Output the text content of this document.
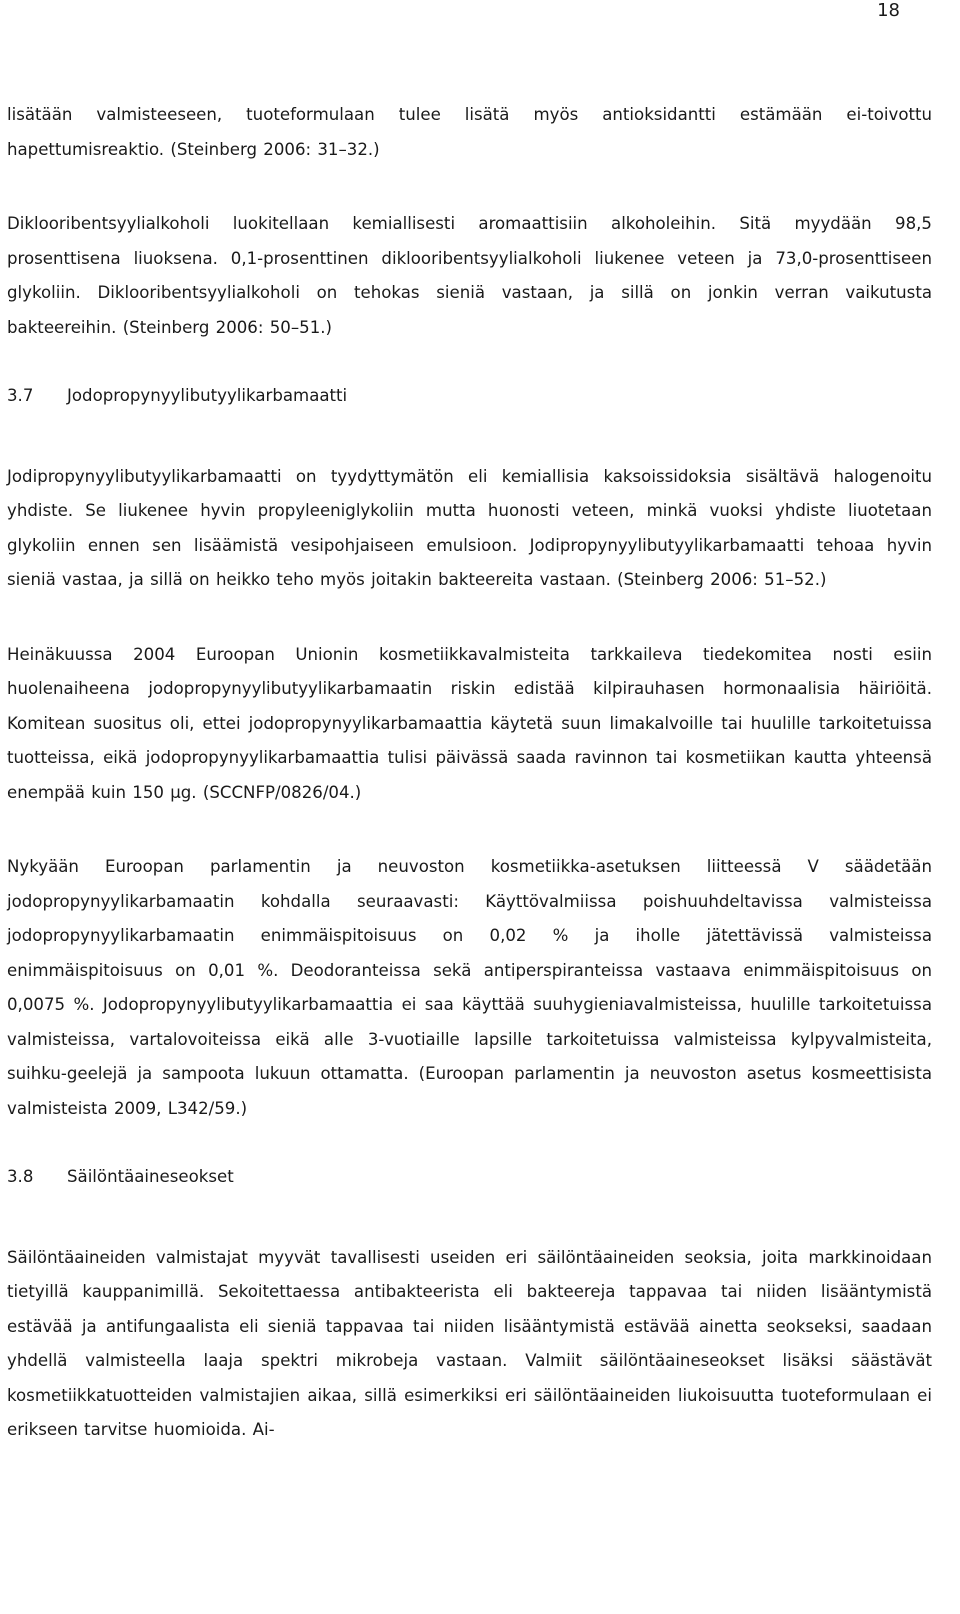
18

lisätään valmisteeseen, tuoteformulaan tulee lisätä myös antioksidantti estämään ei-toivottu hapettumisreaktio. (Steinberg 2006: 31–32.)

Diklooribentsyylialkoholi luokitellaan kemiallisesti aromaattisiin alkoholeihin. Sitä myydään 98,5 prosenttisena liuoksena. 0,1-prosenttinen diklooribentsyylialkoholi liukenee veteen ja 73,0-prosenttiseen glykoliin. Diklooribentsyylialkoholi on tehokas sieniä vastaan, ja sillä on jonkin verran vaikutusta bakteereihin. (Steinberg 2006: 50–51.)

3.7	Jodopropynyylibutyylikarbamaatti

Jodipropynyylibutyylikarbamaatti on tyydyttymätön eli kemiallisia kaksoissidoksia sisältävä halogenoitu yhdiste. Se liukenee hyvin propyleeniglykoliin mutta huonosti veteen, minkä vuoksi yhdiste liuotetaan glykoliin ennen sen lisäämistä vesipohjaiseen emulsioon. Jodipropynyylibutyylikarbamaatti tehoaa hyvin sieniä vastaa, ja sillä on heikko teho myös joitakin bakteereita vastaan. (Steinberg 2006: 51–52.)

Heinäkuussa 2004 Euroopan Unionin kosmetiikkavalmisteita tarkkaileva tiedekomitea nosti esiin huolenaiheena jodopropynyylibutyylikarbamaatin riskin edistää kilpirauhasen hormonaalisia häiriöitä. Komitean suositus oli, ettei jodopropynyylikarbamaattia käytetä suun limakalvoille tai huulille tarkoitetuissa tuotteissa, eikä jodopropynyylikarbamaattia tulisi päivässä saada ravinnon tai kosmetiikan kautta yhteensä enempää kuin 150 µg. (SCCNFP/0826/04.)

Nykyään Euroopan parlamentin ja neuvoston kosmetiikka-asetuksen liitteessä V säädetään jodopropynyylikarbamaatin kohdalla seuraavasti: Käyttövalmiissa poishuuhdeltavissa valmisteissa jodopropynyylikarbamaatin enimmäispitoisuus on 0,02 % ja iholle jätettävissä valmisteissa enimmäispitoisuus on 0,01 %. Deodoranteissa sekä antiperspiranteissa vastaava enimmäispitoisuus on 0,0075 %. Jodopropynyylibutyylikarbamaattia ei saa käyttää suuhygieniavalmisteissa, huulille tarkoitetuissa valmisteissa, vartalovoiteissa eikä alle 3-vuotiaille lapsille tarkoitetuissa valmisteissa kylpyvalmisteita, suihku-geelejä ja sampoota lukuun ottamatta. (Euroopan parlamentin ja neuvoston asetus kosmeettisista valmisteista 2009, L342/59.)

3.8	Säilöntäaineseokset

Säilöntäaineiden valmistajat myyvät tavallisesti useiden eri säilöntäaineiden seoksia, joita markkinoidaan tietyillä kauppanimillä. Sekoitettaessa antibakteerista eli bakteereja tappavaa tai niiden lisääntymistä estävää ja antifungaalista eli sieniä tappavaa tai niiden lisääntymistä estävää ainetta seokseksi, saadaan yhdellä valmisteella laaja spektri mikrobeja vastaan. Valmiit säilöntäaineseokset lisäksi säästävät kosmetiikkatuotteiden valmistajien aikaa, sillä esimerkiksi eri säilöntäaineiden liukoisuutta tuoteformulaan ei erikseen tarvitse huomioida. Ai-
